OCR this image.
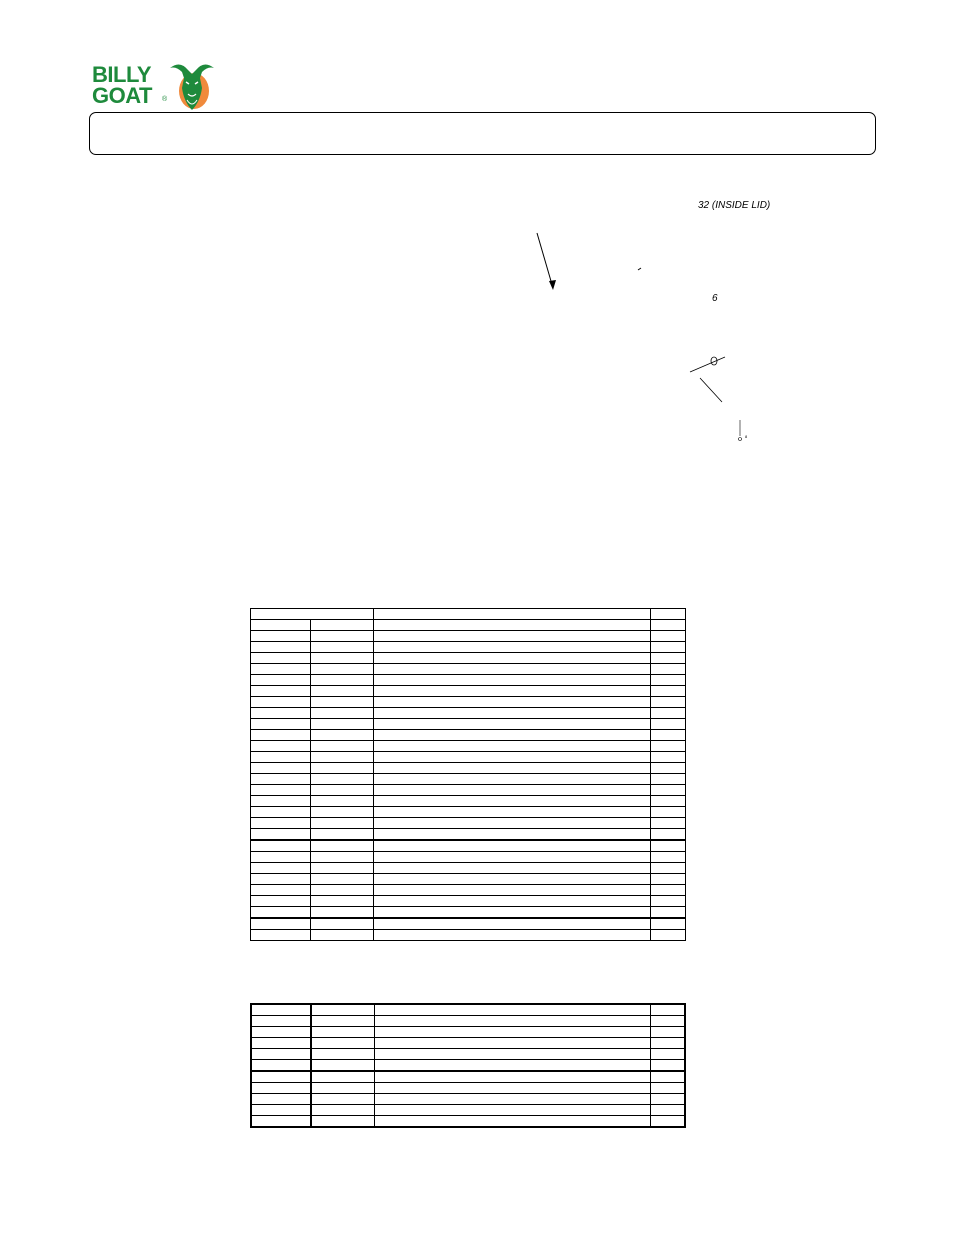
BILLY
GOAT ®
8
32 (INSIDE LID)
6
